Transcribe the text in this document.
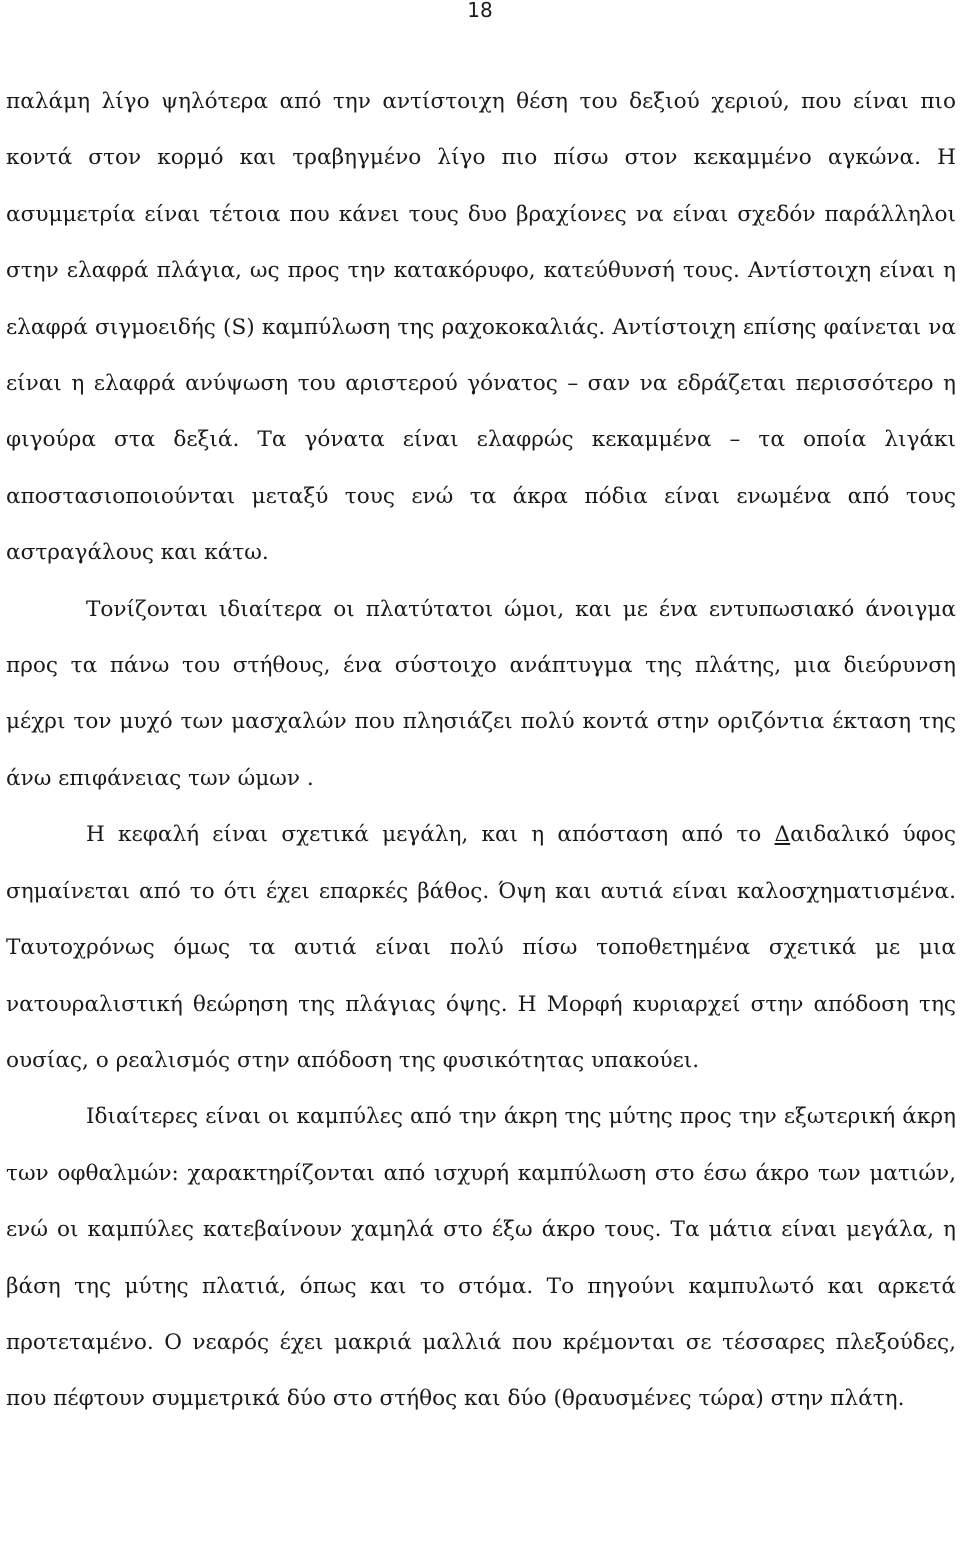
18

παλάμη λίγο ψηλότερα από την αντίστοιχη θέση του δεξιού χεριού, που είναι πιο κοντά στον κορμό και τραβηγμένο λίγο πιο πίσω στον κεκαμμένο αγκώνα. Η ασυμμετρία είναι τέτοια που κάνει τους δυο βραχίονες να είναι σχεδόν παράλληλοι στην ελαφρά πλάγια, ως προς την κατακόρυφο, κατεύθυνσή τους. Αντίστοιχη είναι η ελαφρά σιγμοειδής (S) καμπύλωση της ραχοκοκαλιάς. Αντίστοιχη επίσης φαίνεται να είναι η ελαφρά ανύψωση του αριστερού γόνατος – σαν να εδράζεται περισσότερο η φιγούρα στα δεξιά. Τα γόνατα είναι ελαφρώς κεκαμμένα – τα οποία λιγάκι αποστασιοποιούνται μεταξύ τους ενώ τα άκρα πόδια είναι ενωμένα από τους αστραγάλους και κάτω.

Τονίζονται ιδιαίτερα οι πλατύτατοι ώμοι, και με ένα εντυπωσιακό άνοιγμα προς τα πάνω του στήθους, ένα σύστοιχο ανάπτυγμα της πλάτης, μια διεύρυνση μέχρι τον μυχό των μασχαλών που πλησιάζει πολύ κοντά στην οριζόντια έκταση της άνω επιφάνειας των ώμων .

Η κεφαλή είναι σχετικά μεγάλη, και η απόσταση από το Δαιδαλικό ύφος σημαίνεται από το ότι έχει επαρκές βάθος. Όψη και αυτιά είναι καλοσχηματισμένα. Ταυτοχρόνως όμως τα αυτιά είναι πολύ πίσω τοποθετημένα σχετικά με μια νατουραλιστική θεώρηση της πλάγιας όψης. Η Μορφή κυριαρχεί στην απόδοση της ουσίας, ο ρεαλισμός στην απόδοση της φυσικότητας υπακούει.

Ιδιαίτερες είναι οι καμπύλες από την άκρη της μύτης προς την εξωτερική άκρη των οφθαλμών: χαρακτηρίζονται από ισχυρή καμπύλωση στο έσω άκρο των ματιών, ενώ οι καμπύλες κατεβαίνουν χαμηλά στο έξω άκρο τους. Τα μάτια είναι μεγάλα, η βάση της μύτης πλατιά, όπως και το στόμα. Το πηγούνι καμπυλωτό και αρκετά προτεταμένο. Ο νεαρός έχει μακριά μαλλιά που κρέμονται σε τέσσαρες πλεξούδες, που πέφτουν συμμετρικά δύο στο στήθος και δύο (θραυσμένες τώρα) στην πλάτη.
